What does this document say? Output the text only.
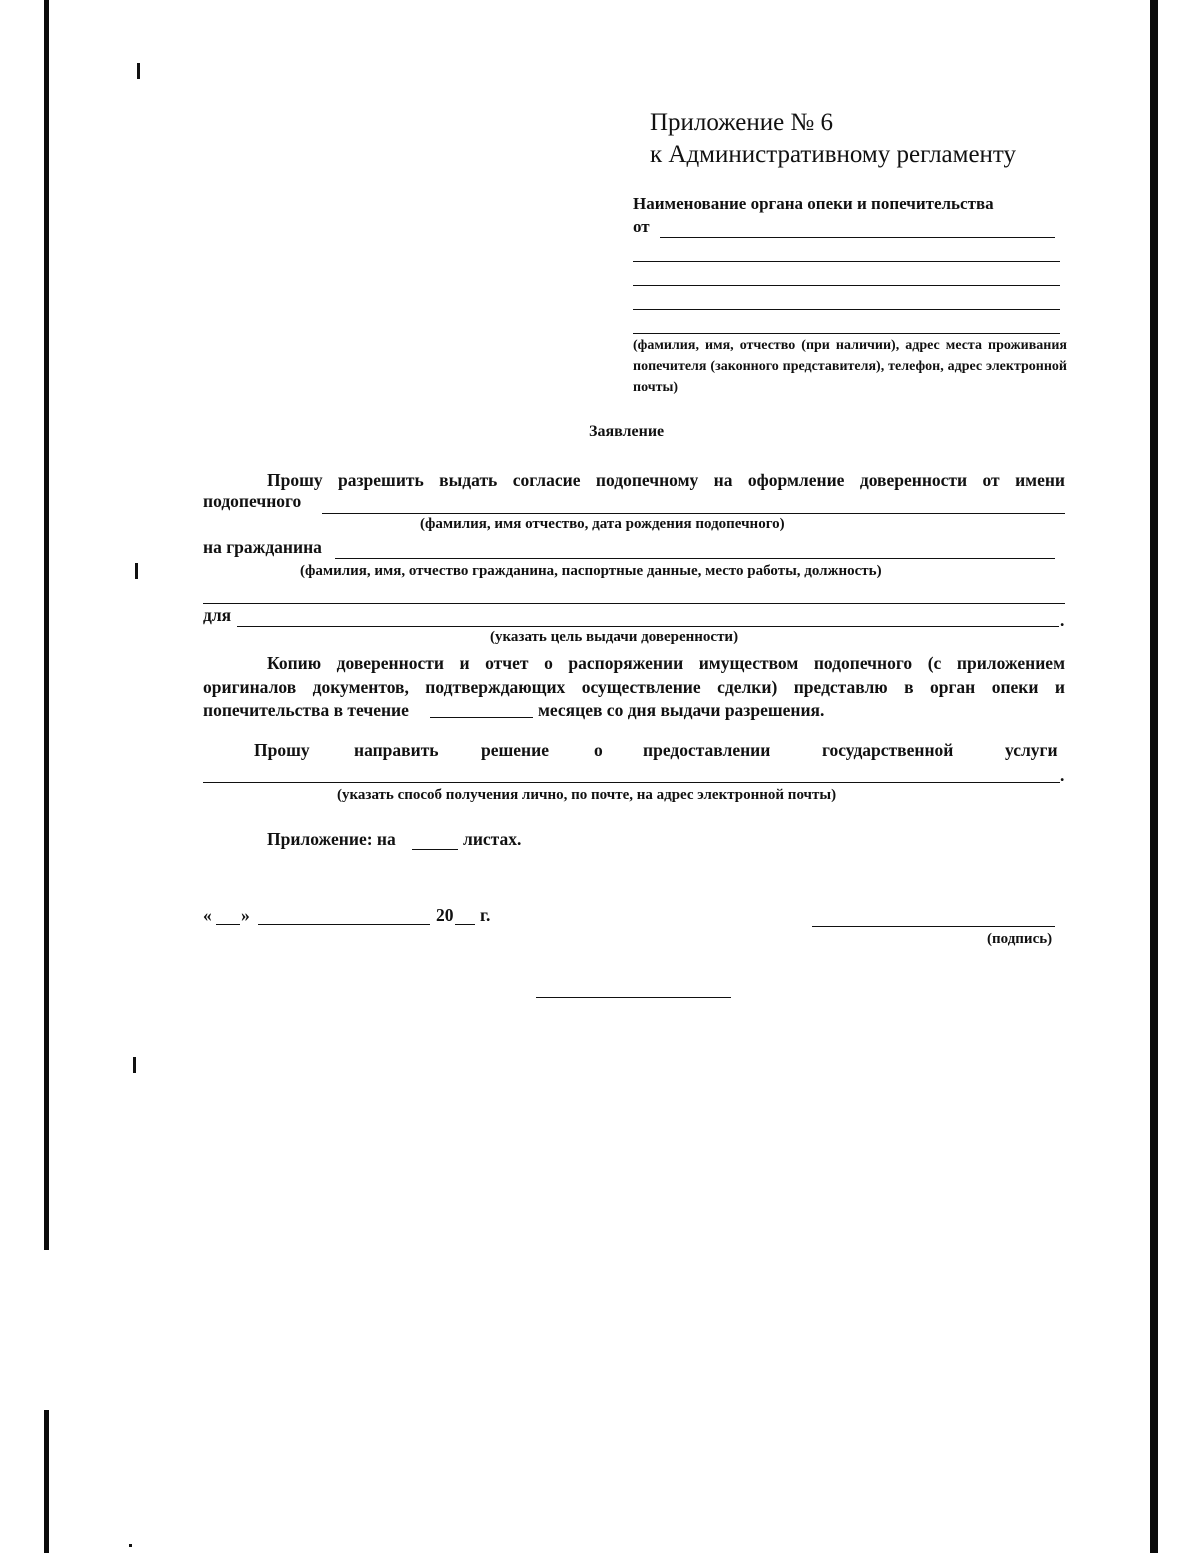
Приложение № 6
к Административному регламенту
Наименование органа опеки и попечительства
от
(фамилия, имя, отчество (при наличии), адрес места проживания попечителя (законного представителя), телефон, адрес электронной почты)
Заявление
Прошу разрешить выдать согласие подопечному на оформление доверенности от имени
подопечного
(фамилия, имя отчество, дата рождения подопечного)
на гражданина
(фамилия, имя, отчество гражданина, паспортные данные, место работы, должность)
для	.
(указать цель выдачи доверенности)
Копию доверенности и отчет о распоряжении имуществом подопечного (с приложением
оригиналов документов, подтверждающих осуществление сделки) представлю в орган опеки и
попечительства в течение	месяцев со дня выдачи разрешения.
Прошу	направить решение	о предоставлении	государственной	услуги
.
(указать способ получения лично, по почте, на адрес электронной почты)
Приложение: на	листах.
« »	20 г.
(подпись)
